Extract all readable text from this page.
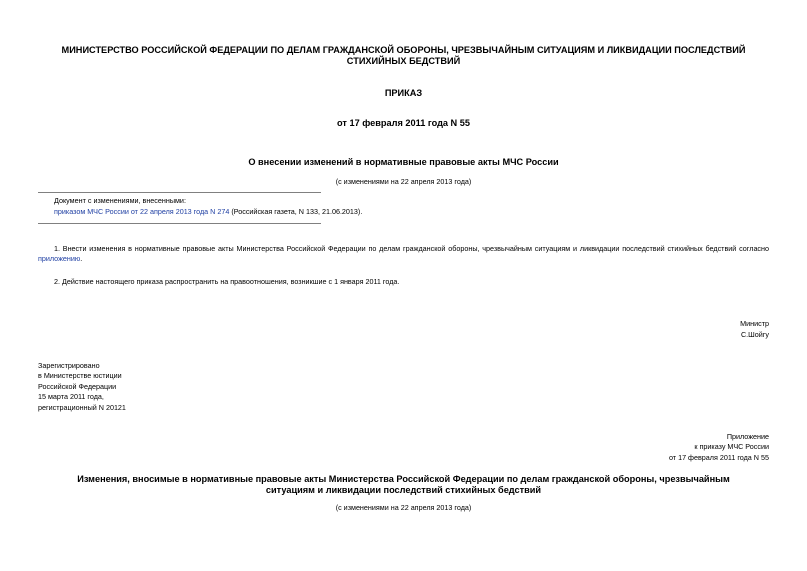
МИНИСТЕРСТВО РОССИЙСКОЙ ФЕДЕРАЦИИ ПО ДЕЛАМ ГРАЖДАНСКОЙ ОБОРОНЫ, ЧРЕЗВЫЧАЙНЫМ СИТУАЦИЯМ И ЛИКВИДАЦИИ ПОСЛЕДСТВИЙ СТИХИЙНЫХ БЕДСТВИЙ
ПРИКАЗ
от 17 февраля 2011 года N 55
О внесении изменений в нормативные правовые акты МЧС России
(с изменениями на 22 апреля 2013 года)
Документ с изменениями, внесенными:
приказом МЧС России от 22 апреля 2013 года N 274 (Российская газета, N 133, 21.06.2013).
1. Внести изменения в нормативные правовые акты Министерства Российской Федерации по делам гражданской обороны, чрезвычайным ситуациям и ликвидации последствий стихийных бедствий согласно приложению.
2. Действие настоящего приказа распространить на правоотношения, возникшие с 1 января 2011 года.
Министр
С.Шойгу
Зарегистрировано
в Министерстве юстиции
Российской Федерации
15 марта 2011 года,
регистрационный N 20121
Приложение
к приказу МЧС России
от 17 февраля 2011 года N 55
Изменения, вносимые в нормативные правовые акты Министерства Российской Федерации по делам гражданской обороны, чрезвычайным ситуациям и ликвидации последствий стихийных бедствий
(с изменениями на 22 апреля 2013 года)
